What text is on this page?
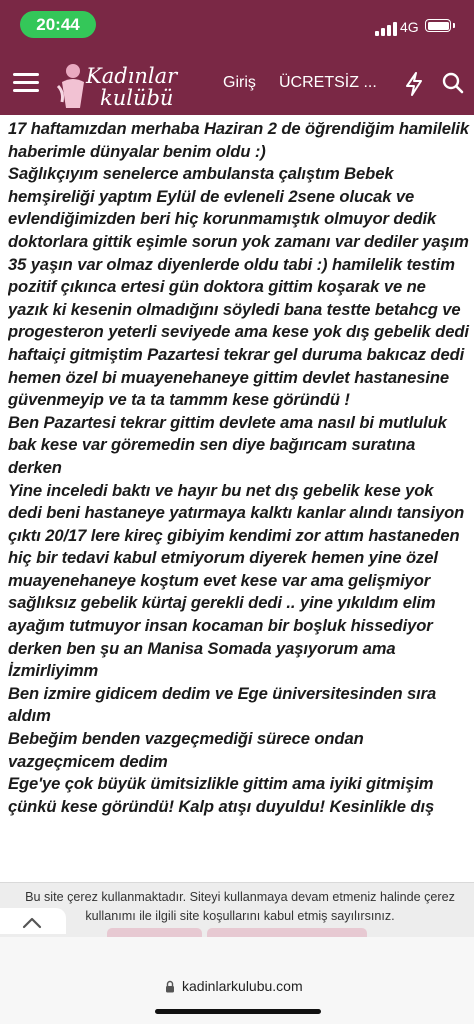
20:44	4G
Kadınlar
kulübü
Giriş ÜCRETSİZ ...

17 haftamızdan merhaba Haziran 2 de öğrendiğim hamilelik haberimle dünyalar benim oldu :)
Sağlıkçıyım senelerce ambulansta çalıştım Bebek hemşireliği yaptım Eylül de evleneli 2sene olucak ve evlendiğimizden beri hiç korunmamıştık olmuyor dedik doktorlara gittik eşimle sorun yok zamanı var dediler yaşım 35 yaşın var olmaz diyenlerde oldu tabi :) hamilelik testim pozitif çıkınca ertesi gün doktora gittim koşarak ve ne yazık ki kesenin olmadığını söyledi bana testte betahcg ve progesteron yeterli seviyede ama kese yok dış gebelik dedi haftaiçi gitmiştim Pazartesi tekrar gel duruma bakıcaz dedi hemen özel bi muayenehaneye gittim devlet hastanesine güvenmeyip ve ta ta tammm kese göründü !
Ben Pazartesi tekrar gittim devlete ama nasıl bi mutluluk bak kese var göremedin sen diye bağırıcam suratına derken
Yine inceledi baktı ve hayır bu net dış gebelik kese yok dedi beni hastaneye yatırmaya kalktı kanlar alındı tansiyon çıktı 20/17 lere kireç gibiyim kendimi zor attım hastaneden hiç bir tedavi kabul etmiyorum diyerek hemen yine özel muayenehaneye koştum evet kese var ama gelişmiyor sağlıksız gebelik kürtaj gerekli dedi .. yine yıkıldım elim ayağım tutmuyor insan kocaman bir boşluk hissediyor derken ben şu an Manisa Somada yaşıyorum ama İzmirliyimm
Ben izmire gidicem dedim ve Ege üniversitesinden sıra aldım
Bebeğim benden vazgeçmediği sürece ondan vazgeçmicem dedim
Ege'ye çok büyük ümitsizlikle gittim ama iyiki gitmişim çünkü kese göründü! Kalp atışı duyuldu! Kesinlikle dış

Bu site çerez kullanmaktadır. Siteyi kullanmaya devam etmeniz halinde çerez kullanımı ile ilgili site koşullarını kabul etmiş sayılırsınız.
kadinlarkulubu.com
